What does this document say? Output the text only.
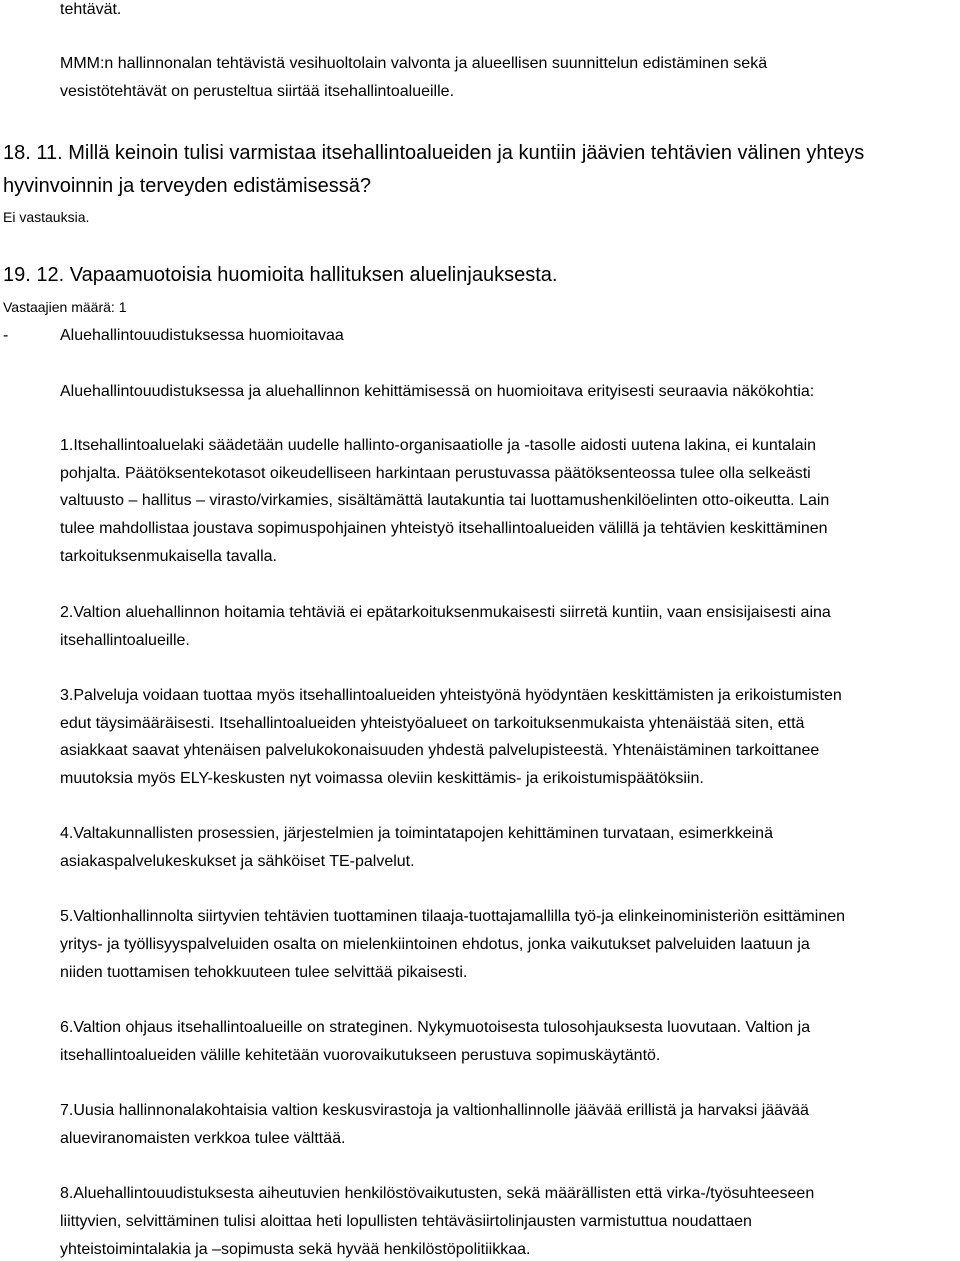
tehtävät.
MMM:n hallinnonalan tehtävistä vesihuoltolain valvonta ja alueellisen suunnittelun edistäminen sekä
vesistötehtävät on perusteltua siirtää itsehallintoalueille.
18. 11. Millä keinoin tulisi varmistaa itsehallintoalueiden ja kuntiin jäävien tehtävien välinen yhteys
hyvinvoinnin ja terveyden edistämisessä?
Ei vastauksia.
19. 12. Vapaamuotoisia huomioita hallituksen aluelinjauksesta.
Vastaajien määrä: 1
-	Aluehallintouudistuksessa huomioitavaa
Aluehallintouudistuksessa ja aluehallinnon kehittämisessä on huomioitava erityisesti seuraavia näkökohtia:
1.Itsehallintoaluelaki säädetään uudelle hallinto-organisaatiolle ja -tasolle aidosti uutena lakina, ei kuntalain
pohjalta. Päätöksentekotasot oikeudelliseen harkintaan perustuvassa päätöksenteossa tulee olla selkeästi
valtuusto – hallitus – virasto/virkamies, sisältämättä lautakuntia tai luottamushenkilöelinten otto-oikeutta. Lain
tulee mahdollistaa joustava sopimuspohjainen yhteistyö itsehallintoalueiden välillä ja tehtävien keskittäminen
tarkoituksenmukaisella tavalla.
2.Valtion aluehallinnon hoitamia tehtäviä ei epätarkoituksenmukaisesti siirretä kuntiin, vaan ensisijaisesti aina
itsehallintoalueille.
3.Palveluja voidaan tuottaa myös itsehallintoalueiden yhteistyönä hyödyntäen keskittämisten ja erikoistumisten
edut täysimääräisesti. Itsehallintoalueiden yhteistyöalueet on tarkoituksenmukaista yhtenäistää siten, että
asiakkaat saavat yhtenäisen palvelukokonaisuuden yhdestä palvelupisteestä. Yhtenäistäminen tarkoittanee
muutoksia myös ELY-keskusten nyt voimassa oleviin keskittämis- ja erikoistumispäätöksiin.
4.Valtakunnallisten prosessien, järjestelmien ja toimintatapojen kehittäminen turvataan, esimerkkeinä
asiakaspalvelukeskukset ja sähköiset TE-palvelut.
5.Valtionhallinnolta siirtyvien tehtävien tuottaminen tilaaja-tuottajamallilla työ-ja elinkeinoministeriön esittäminen
yritys- ja työllisyyspalveluiden osalta on mielenkiintoinen ehdotus, jonka vaikutukset palveluiden laatuun ja
niiden tuottamisen tehokkuuteen tulee selvittää pikaisesti.
6.Valtion ohjaus itsehallintoalueille on strateginen. Nykymuotoisesta tulosohjauksesta luovutaan. Valtion ja
itsehallintoalueiden välille kehitetään vuorovaikutukseen perustuva sopimuskäytäntö.
7.Uusia hallinnonalakohtaisia valtion keskusvirastoja ja valtionhallinnolle jäävää erillistä ja harvaksi jäävää
alueviranomaisten verkkoa tulee välttää.
8.Aluehallintouudistuksesta aiheutuvien henkilöstövaikutusten, sekä määrällisten että virka-/työsuhteeseen
liittyvien, selvittäminen tulisi aloittaa heti lopullisten tehtäväsiirtolinjausten varmistuttua noudattaen
yhteistoimintalakia ja –sopimusta sekä hyvää henkilöstöpolitiikkaa.
